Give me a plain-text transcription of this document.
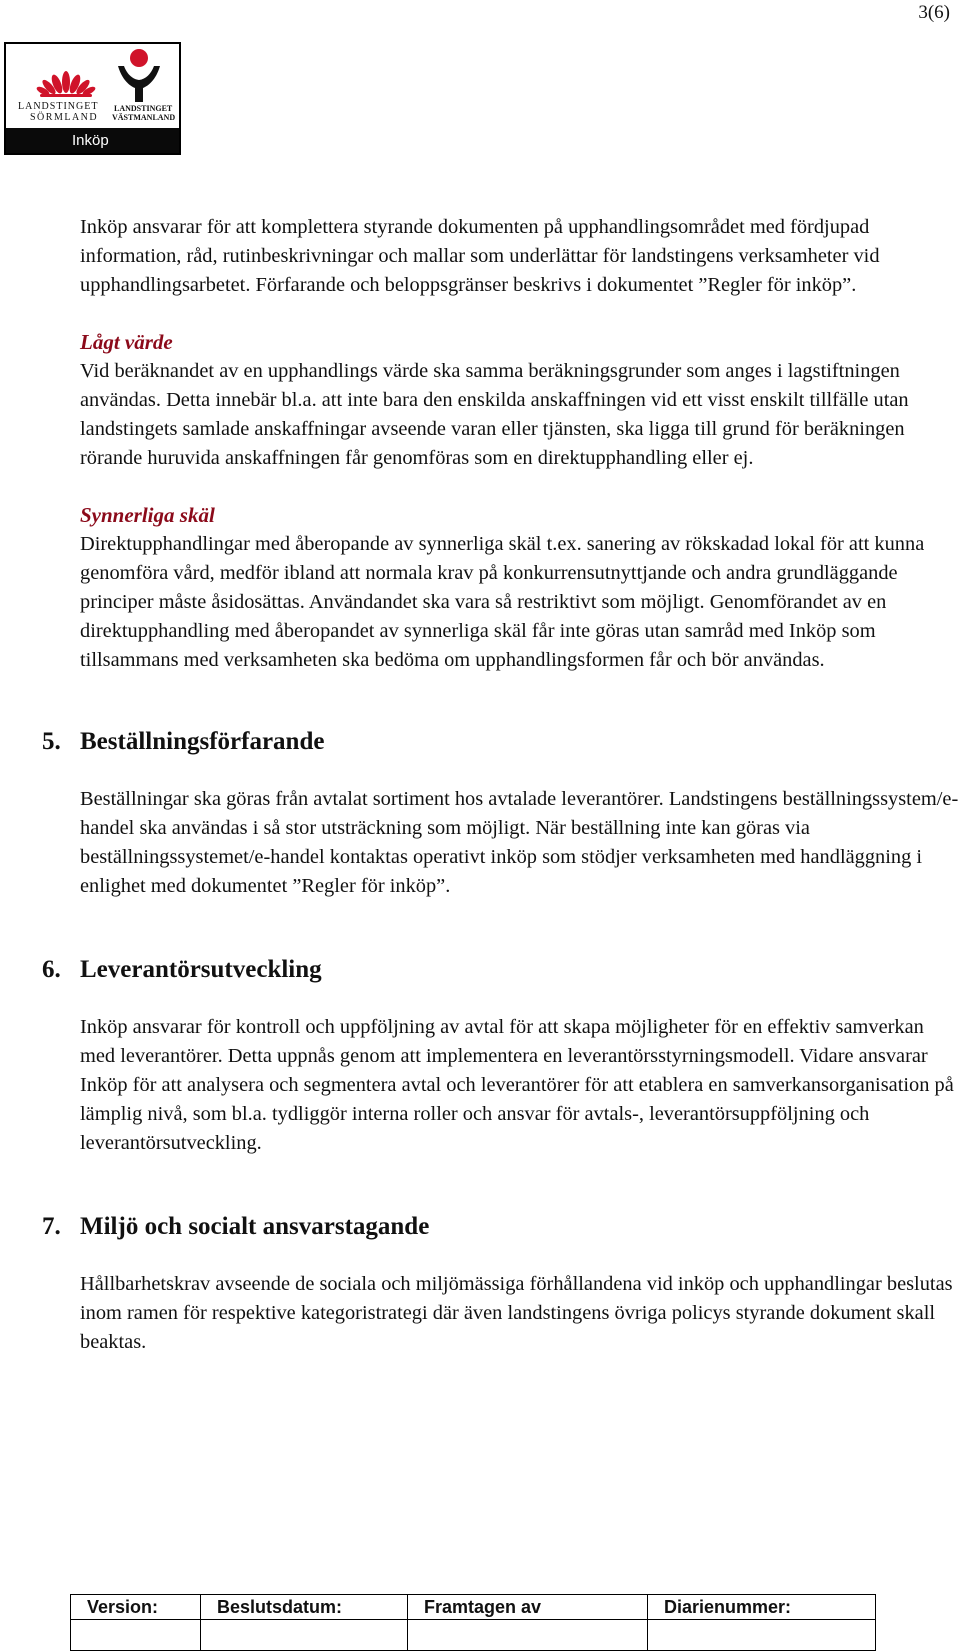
3(6)
LANDSTINGET
SÖRMLAND
LANDSTINGET
VÄSTMANLAND
Inköp

Inköp ansvarar för att komplettera styrande dokumenten på upphandlingsområdet med fördjupad information, råd, rutinbeskrivningar och mallar som underlättar för landstingens verksamheter vid upphandlingsarbetet. Förfarande och beloppsgränser beskrivs i dokumentet ”Regler för inköp”.

Lågt värde

Vid beräknandet av en upphandlings värde ska samma beräkningsgrunder som anges i lagstiftningen användas. Detta innebär bl.a. att inte bara den enskilda anskaffningen vid ett visst enskilt tillfälle utan landstingets samlade anskaffningar avseende varan eller tjänsten, ska ligga till grund för beräkningen rörande huruvida anskaffningen får genomföras som en direktupphandling eller ej.

Synnerliga skäl

Direktupphandlingar med åberopande av synnerliga skäl t.ex. sanering av rökskadad lokal för att kunna genomföra vård, medför ibland att normala krav på konkurrensutnyttjande och andra grundläggande principer måste åsidosättas. Användandet ska vara så restriktivt som möjligt. Genomförandet av en direktupphandling med åberopandet av synnerliga skäl får inte göras utan samråd med Inköp som tillsammans med verksamheten ska bedöma om upphandlingsformen får och bör användas.

5. Beställningsförfarande

Beställningar ska göras från avtalat sortiment hos avtalade leverantörer. Landstingens beställningssystem/e-handel ska användas i så stor utsträckning som möjligt. När beställning inte kan göras via beställningssystemet/e-handel kontaktas operativt inköp som stödjer verksamheten med handläggning i enlighet med dokumentet ”Regler för inköp”.

6. Leverantörsutveckling

Inköp ansvarar för kontroll och uppföljning av avtal för att skapa möjligheter för en effektiv samverkan med leverantörer. Detta uppnås genom att implementera en leverantörsstyrningsmodell. Vidare ansvarar Inköp för att analysera och segmentera avtal och leverantörer för att etablera en samverkansorganisation på lämplig nivå, som bl.a. tydliggör interna roller och ansvar för avtals-, leverantörsuppföljning och leverantörsutveckling.

7. Miljö och socialt ansvarstagande

Hållbarhetskrav avseende de sociala och miljömässiga förhållandena vid inköp och upphandlingar beslutas inom ramen för respektive kategoristrategi där även landstingens övriga policys styrande dokument skall beaktas.

Version:	Beslutsdatum:	Framtagen av	Diarienummer:
